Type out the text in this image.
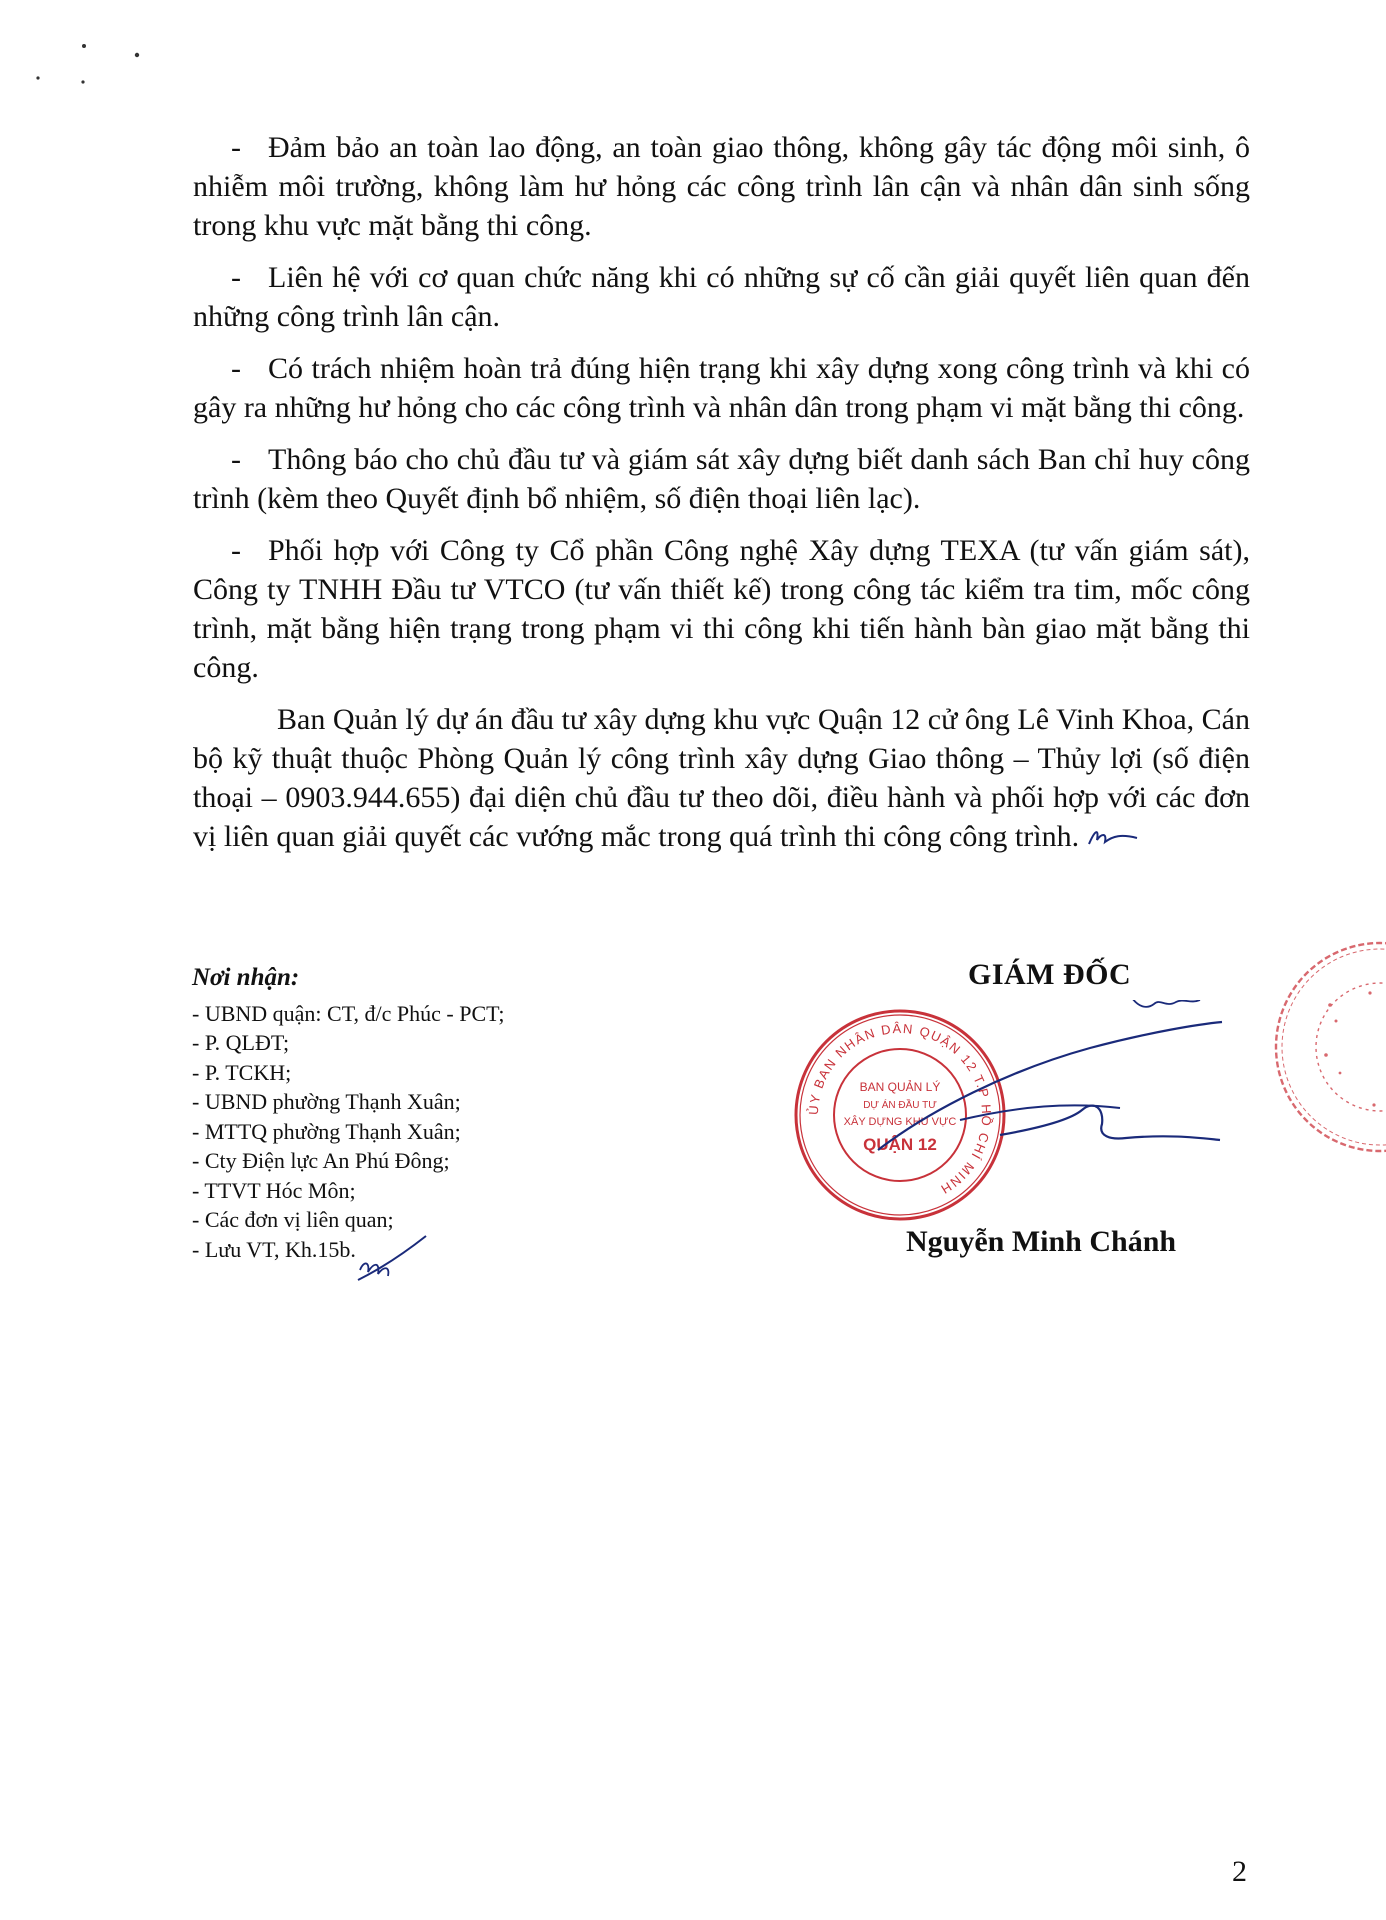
- Đảm bảo an toàn lao động, an toàn giao thông, không gây tác động môi sinh, ô nhiễm môi trường, không làm hư hỏng các công trình lân cận và nhân dân sinh sống trong khu vực mặt bằng thi công.

- Liên hệ với cơ quan chức năng khi có những sự cố cần giải quyết liên quan đến những công trình lân cận.

- Có trách nhiệm hoàn trả đúng hiện trạng khi xây dựng xong công trình và khi có gây ra những hư hỏng cho các công trình và nhân dân trong phạm vi mặt bằng thi công.

- Thông báo cho chủ đầu tư và giám sát xây dựng biết danh sách Ban chỉ huy công trình (kèm theo Quyết định bổ nhiệm, số điện thoại liên lạc).

- Phối hợp với Công ty Cổ phần Công nghệ Xây dựng TEXA (tư vấn giám sát), Công ty TNHH Đầu tư VTCO (tư vấn thiết kế) trong công tác kiểm tra tim, mốc công trình, mặt bằng hiện trạng trong phạm vi thi công khi tiến hành bàn giao mặt bằng thi công.

Ban Quản lý dự án đầu tư xây dựng khu vực Quận 12 cử ông Lê Vinh Khoa, Cán bộ kỹ thuật thuộc Phòng Quản lý công trình xây dựng Giao thông – Thủy lợi (số điện thoại – 0903.944.655) đại diện chủ đầu tư theo dõi, điều hành và phối hợp với các đơn vị liên quan giải quyết các vướng mắc trong quá trình thi công công trình.

Nơi nhận:
- UBND quận: CT, đ/c Phúc - PCT;
- P. QLĐT;
- P. TCKH;
- UBND phường Thạnh Xuân;
- MTTQ phường Thạnh Xuân;
- Cty Điện lực An Phú Đông;
- TTVT Hóc Môn;
- Các đơn vị liên quan;
- Lưu VT, Kh.15b.
GIÁM ĐỐC
ỦY BAN NHÂN DÂN QUẬN 12 T.P HỒ CHÍ MINH
BAN QUẢN LÝ
DỰ ÁN ĐẦU TƯ
XÂY DỰNG KHU VỰC
QUẬN 12
Nguyễn Minh Chánh
2
